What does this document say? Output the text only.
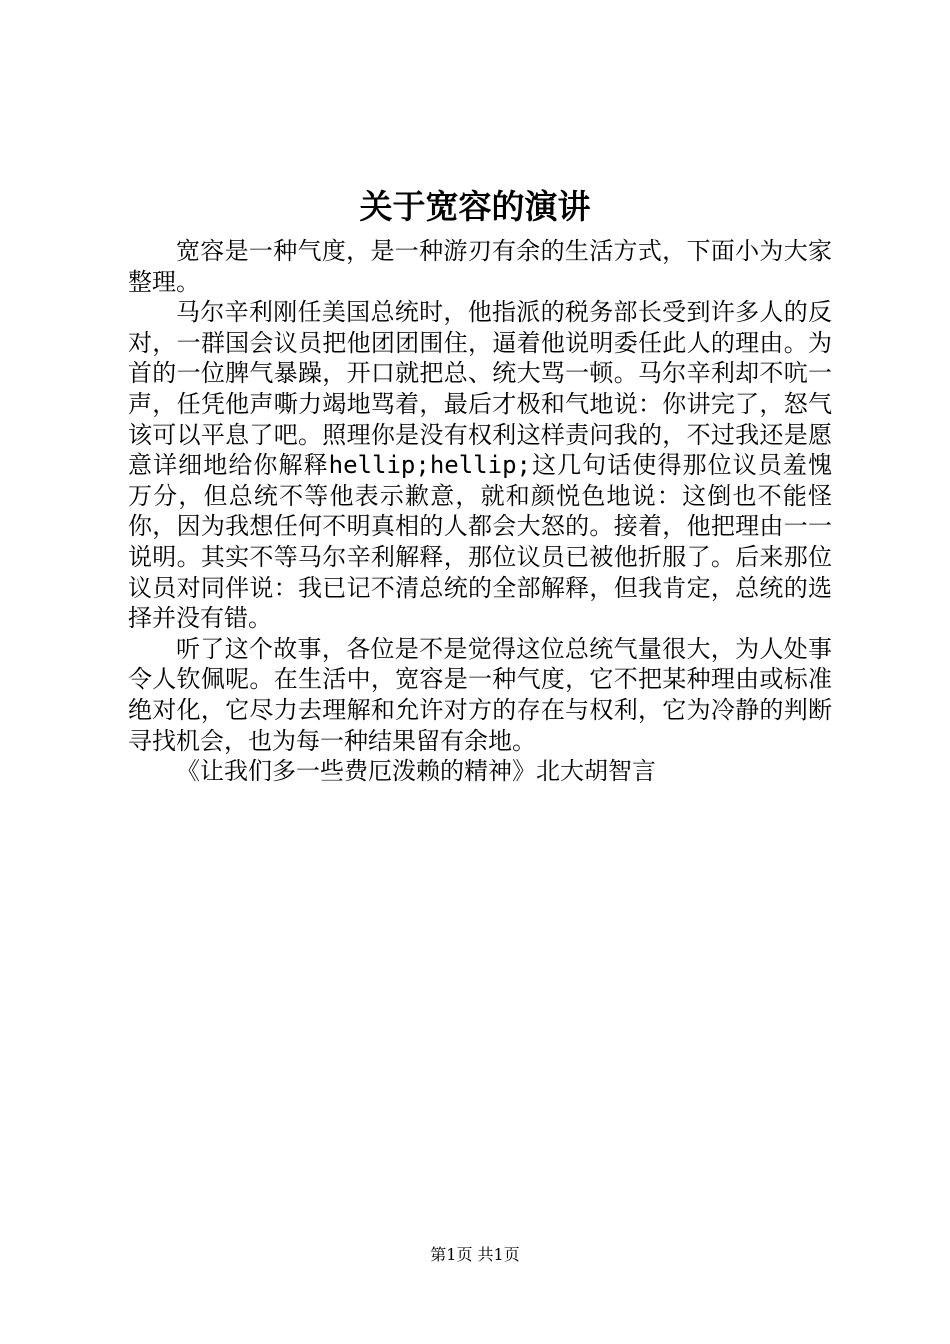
关于宽容的演讲

宽容是一种气度，是一种游刃有余的生活方式，下面小为大家整理。

马尔辛利刚任美国总统时，他指派的税务部长受到许多人的反对，一群国会议员把他团团围住，逼着他说明委任此人的理由。为首的一位脾气暴躁，开口就把总、统大骂一顿。马尔辛利却不吭一声，任凭他声嘶力竭地骂着，最后才极和气地说：你讲完了，怒气该可以平息了吧。照理你是没有权利这样责问我的，不过我还是愿意详细地给你解释hellip;hellip;这几句话使得那位议员羞愧万分，但总统不等他表示歉意，就和颜悦色地说：这倒也不能怪你，因为我想任何不明真相的人都会大怒的。接着，他把理由一一说明。其实不等马尔辛利解释，那位议员已被他折服了。后来那位议员对同伴说：我已记不清总统的全部解释，但我肯定，总统的选择并没有错。

听了这个故事，各位是不是觉得这位总统气量很大，为人处事令人钦佩呢。在生活中，宽容是一种气度，它不把某种理由或标准绝对化，它尽力去理解和允许对方的存在与权利，它为冷静的判断寻找机会，也为每一种结果留有余地。

《让我们多一些费厄泼赖的精神》北大胡智言

第1页 共1页
